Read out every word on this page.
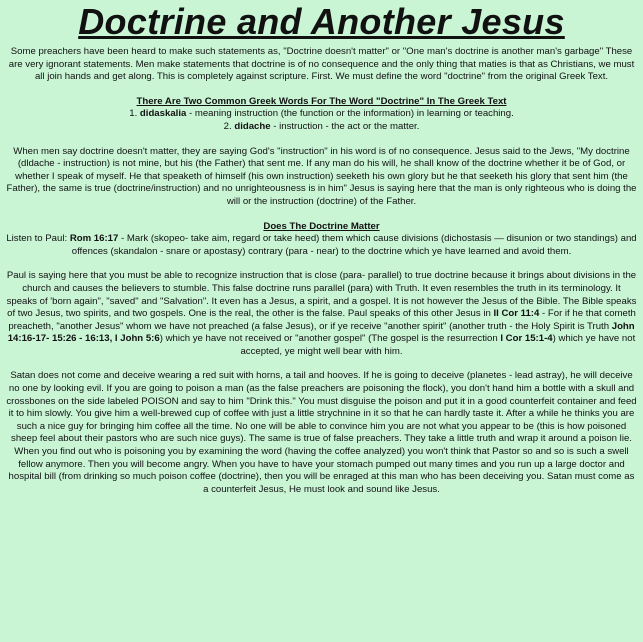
Doctrine and Another Jesus

Some preachers have been heard to make such statements as, "Doctrine doesn't matter" or "One man's doctrine is another man's garbage" These are very ignorant statements. Men make statements that doctrine is of no consequence and the only thing that maties is that as Christians, we must all join hands and get along. This is completely against scripture. First. We must define the word "doctrine" from the original Greek Text.

There Are Two Common Greek Words For The Word "Doctrine" In The Greek Text

1. didaskalia - meaning instruction (the function or the information) in learning or teaching.

2. didache - instruction - the act or the matter.

When men say doctrine doesn't matter, they are saying God's "instruction" in his word is of no consequence. Jesus said to the Jews, "My doctrine (dldache - instruction) is not mine, but his (the Father) that sent me. If any man do his will, he shall know of the doctrine whether it be of God, or whether I speak of myself. He that speaketh of himself (his own instruction) seeketh his own glory but he that seeketh his glory that sent him (the Father), the same is true (doctrine/instruction) and no unrighteousness is in him" Jesus is saying here that the man is only righteous who is doing the will or the instruction (doctrine) of the Father.

Does The Doctrine Matter

Listen to Paul: Rom 16:17 - Mark (skopeo- take aim, regard or take heed) them which cause divisions (dichostasis — disunion or two standings) and offences (skandalon - snare or apostasy) contrary (para - near) to the doctrine which ye have learned and avoid them.

Paul is saying here that you must be able to recognize instruction that is close (para- parallel) to true doctrine because it brings about divisions in the church and causes the believers to stumble. This false doctrine runs parallel (para) with Truth. It even resembles the truth in its terminology. It speaks of 'born again", "saved" and "Salvation". It even has a Jesus, a spirit, and a gospel. It is not however the Jesus of the Bible. The Bible speaks of two Jesus, two spirits, and two gospels. One is the real, the other is the false. Paul speaks of this other Jesus in II Cor 11:4 - For if he that cometh preacheth, "another Jesus" whom we have not preached (a false Jesus), or if ye receive "another spirit" (another truth - the Holy Spirit is Truth John 14:16-17- 15:26 - 16:13, I John 5:6) which ye have not received or "another gospel" (The gospel is the resurrection I Cor 15:1-4) which ye have not accepted, ye might well bear with him.

Satan does not come and deceive wearing a red suit with horns, a tail and hooves. If he is going to deceive (planetes - lead astray), he will deceive no one by looking evil. If you are going to poison a man (as the false preachers are poisoning the flock), you don't hand him a bottle with a skull and crossbones on the side labeled POISON and say to him "Drink this." You must disguise the poison and put it in a good counterfeit container and feed it to him slowly. You give him a well-brewed cup of coffee with just a little strychnine in it so that he can hardly taste it. After a while he thinks you are such a nice guy for bringing him coffee all the time. No one will be able to convince him you are not what you appear to be (this is how poisoned sheep feel about their pastors who are such nice guys). The same is true of false preachers. They take a little truth and wrap it around a poison lie. When you find out who is poisoning you by examining the word (having the coffee analyzed) you won't think that Pastor so and so is such a swell fellow anymore. Then you will become angry. When you have to have your stomach pumped out many times and you run up a large doctor and hospital bill (from drinking so much poison coffee (doctrine), then you will be enraged at this man who has been deceiving you. Satan must come as a counterfeit Jesus, He must look and sound like Jesus.
